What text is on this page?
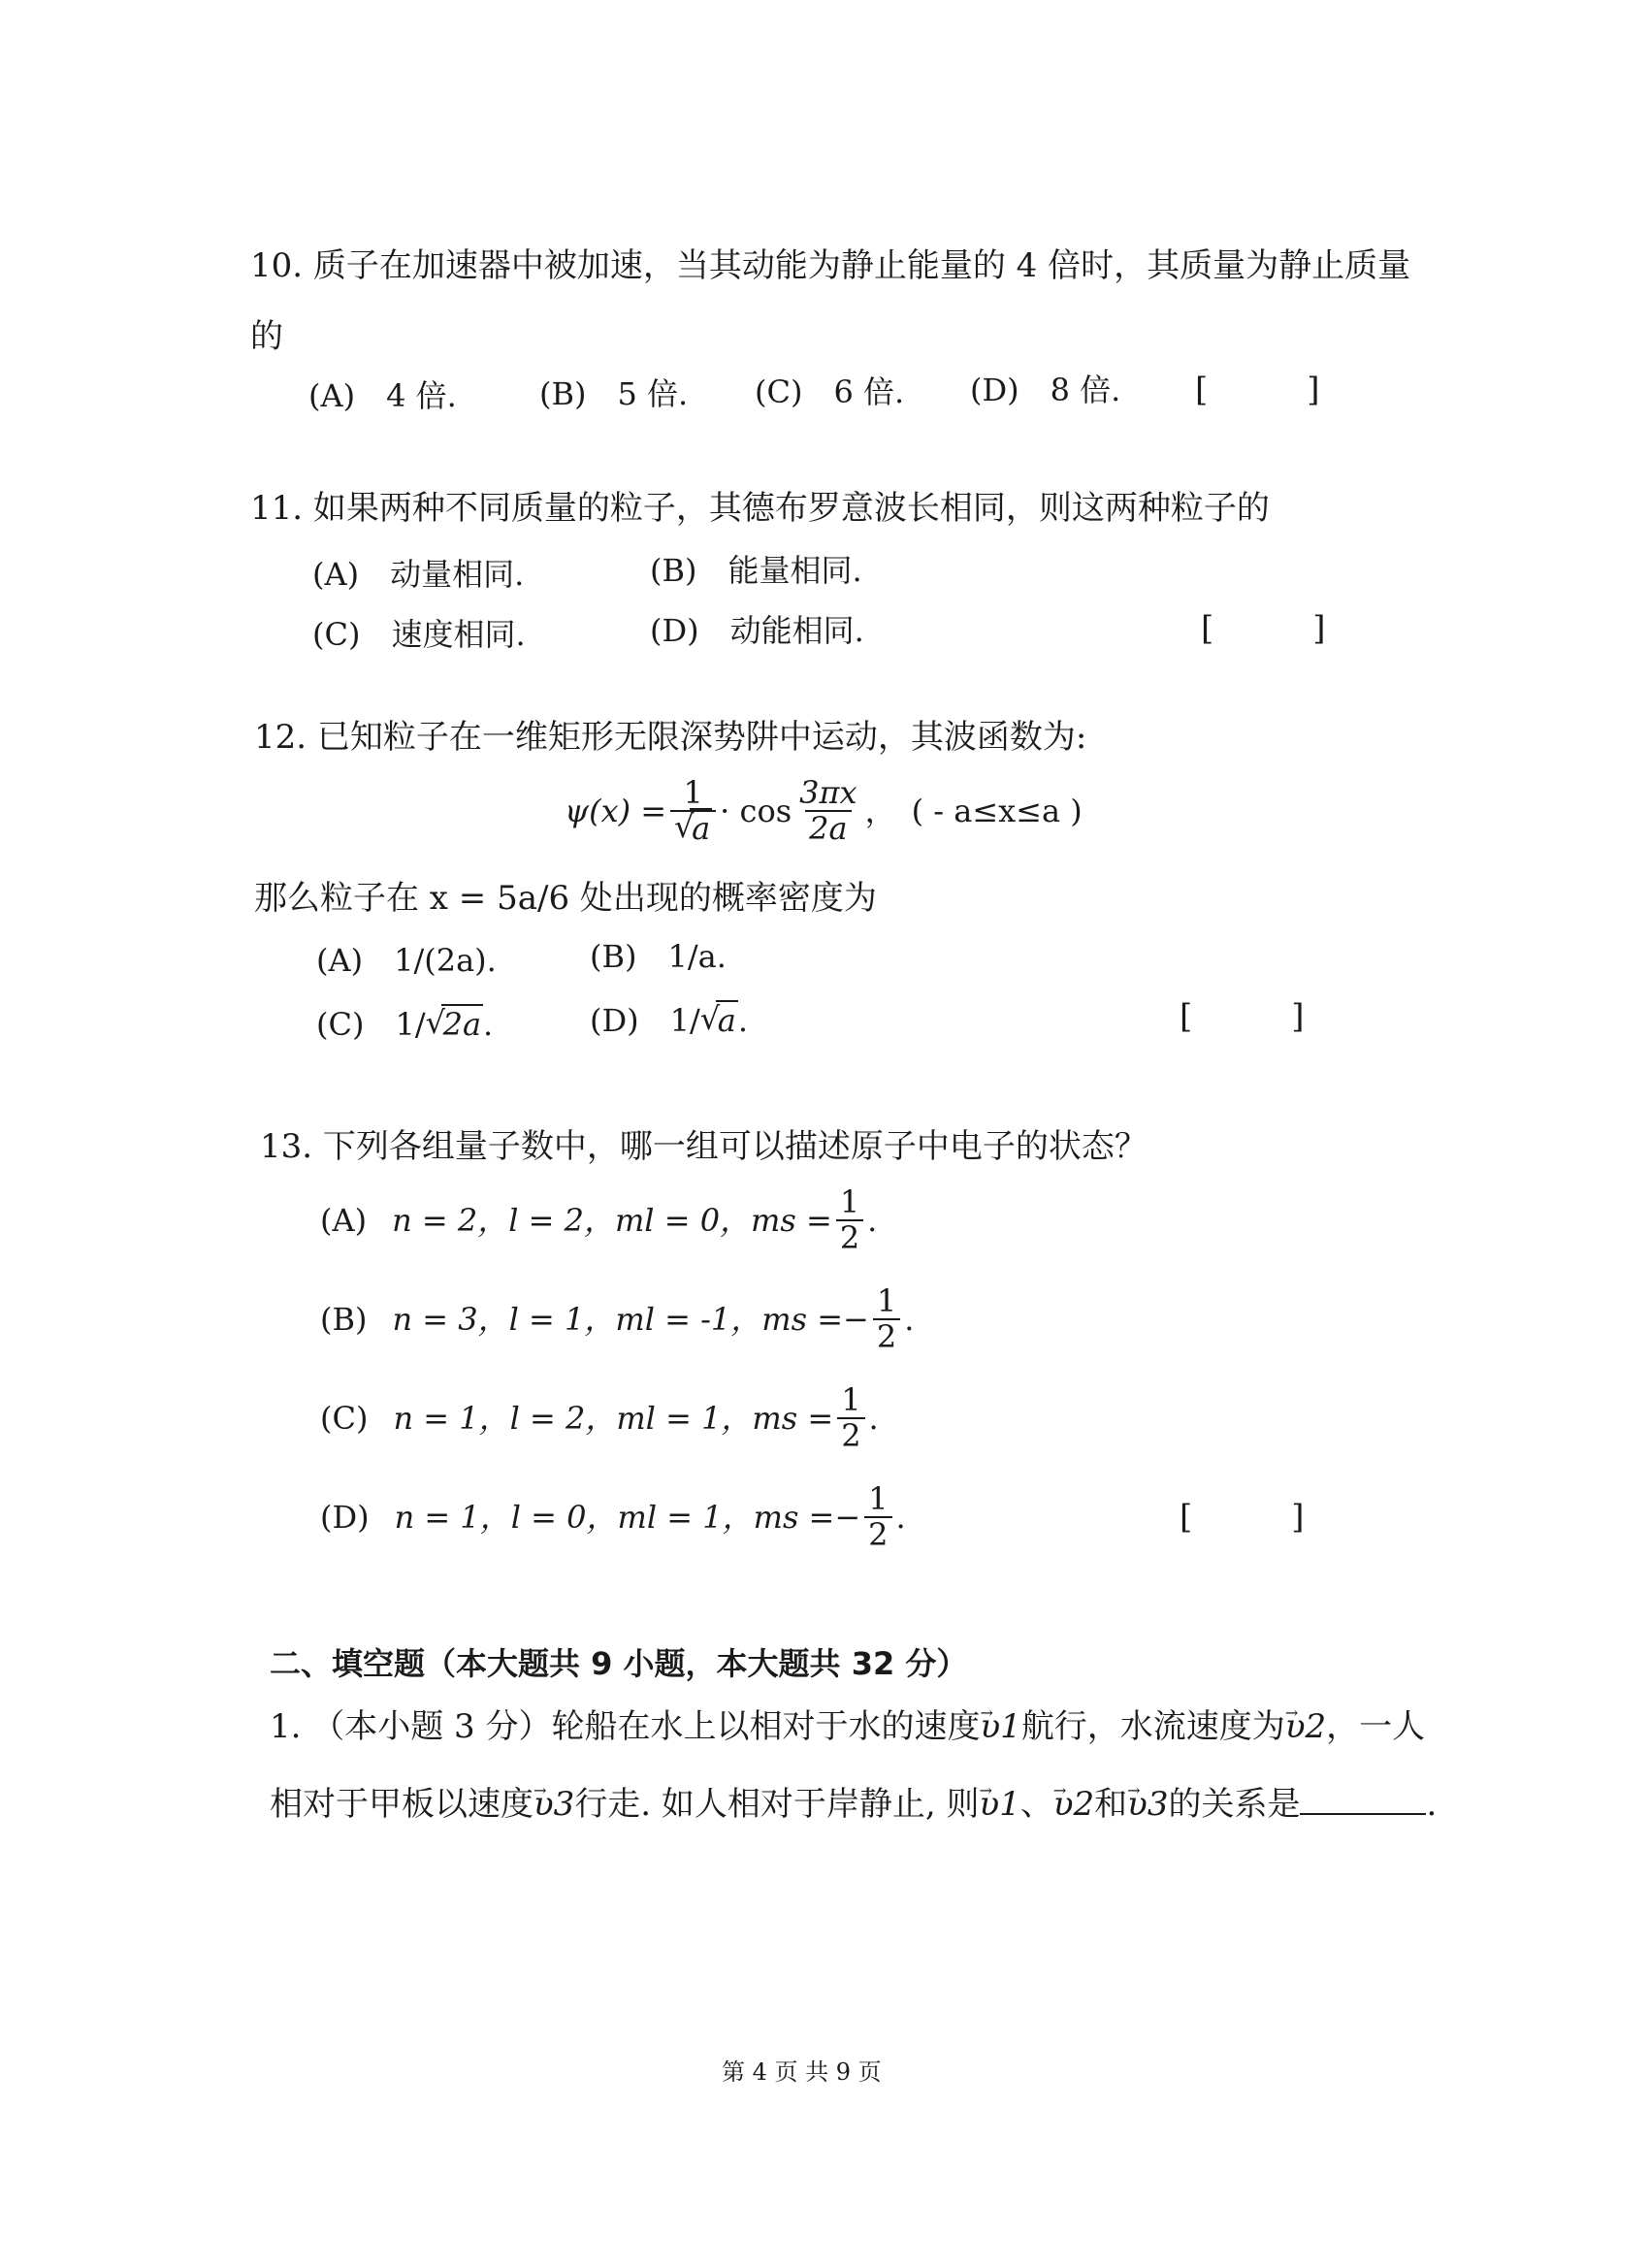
10. 质子在加速器中被加速，当其动能为静止能量的 4 倍时，其质量为静止质量
的
(A)　4 倍.	(B)　5 倍. (C)　6 倍. (D)　8 倍. [　　　]
11. 如果两种不同质量的粒子，其德布罗意波长相同，则这两种粒子的
(A)　动量相同.	(B)　能量相同.
(C)　速度相同.	(D)　动能相同.	[　　　]
12. 已知粒子在一维矩形无限深势阱中运动，其波函数为:
ψ(x) = 1
√ $a \cdot \cos \frac{3\pi x}{2a}$ ，　( - a≤x≤a )
那么粒子在 x = 5a/6 处出现的概率密度为
(A)　1/(2a).	(B)　1/a.
(C)　1/ √ 2a.	(D)　1/ √ a.	[　　　]
13. 下列各组量子数中，哪一组可以描述原子中电子的状态？
(A) n = 2，l = 2，ml = 0，ms = $\frac{1}{2}$ .
(B) n = 3，l = 1，ml = -1，ms = − $\frac{1}{2}$ .
(C) n = 1，l = 2，ml = 1，ms = $\frac{1}{2}$ .
(D) n = 1，l = 0，ml = 1，ms = − $\frac{1}{2}$ .	[　　　]
二、填空题（本大题共 9 小题，本大题共 32 分）
1. （本小题 3 分）轮船在水上以相对于水的速度→ υ1航行，水流速度为→ υ2，一人
相对于甲板以速度→ υ3行走. 如人相对于岸静止, 则→ υ1、→ υ2和→ υ3的关系是	.
第 4 页 共 9 页
